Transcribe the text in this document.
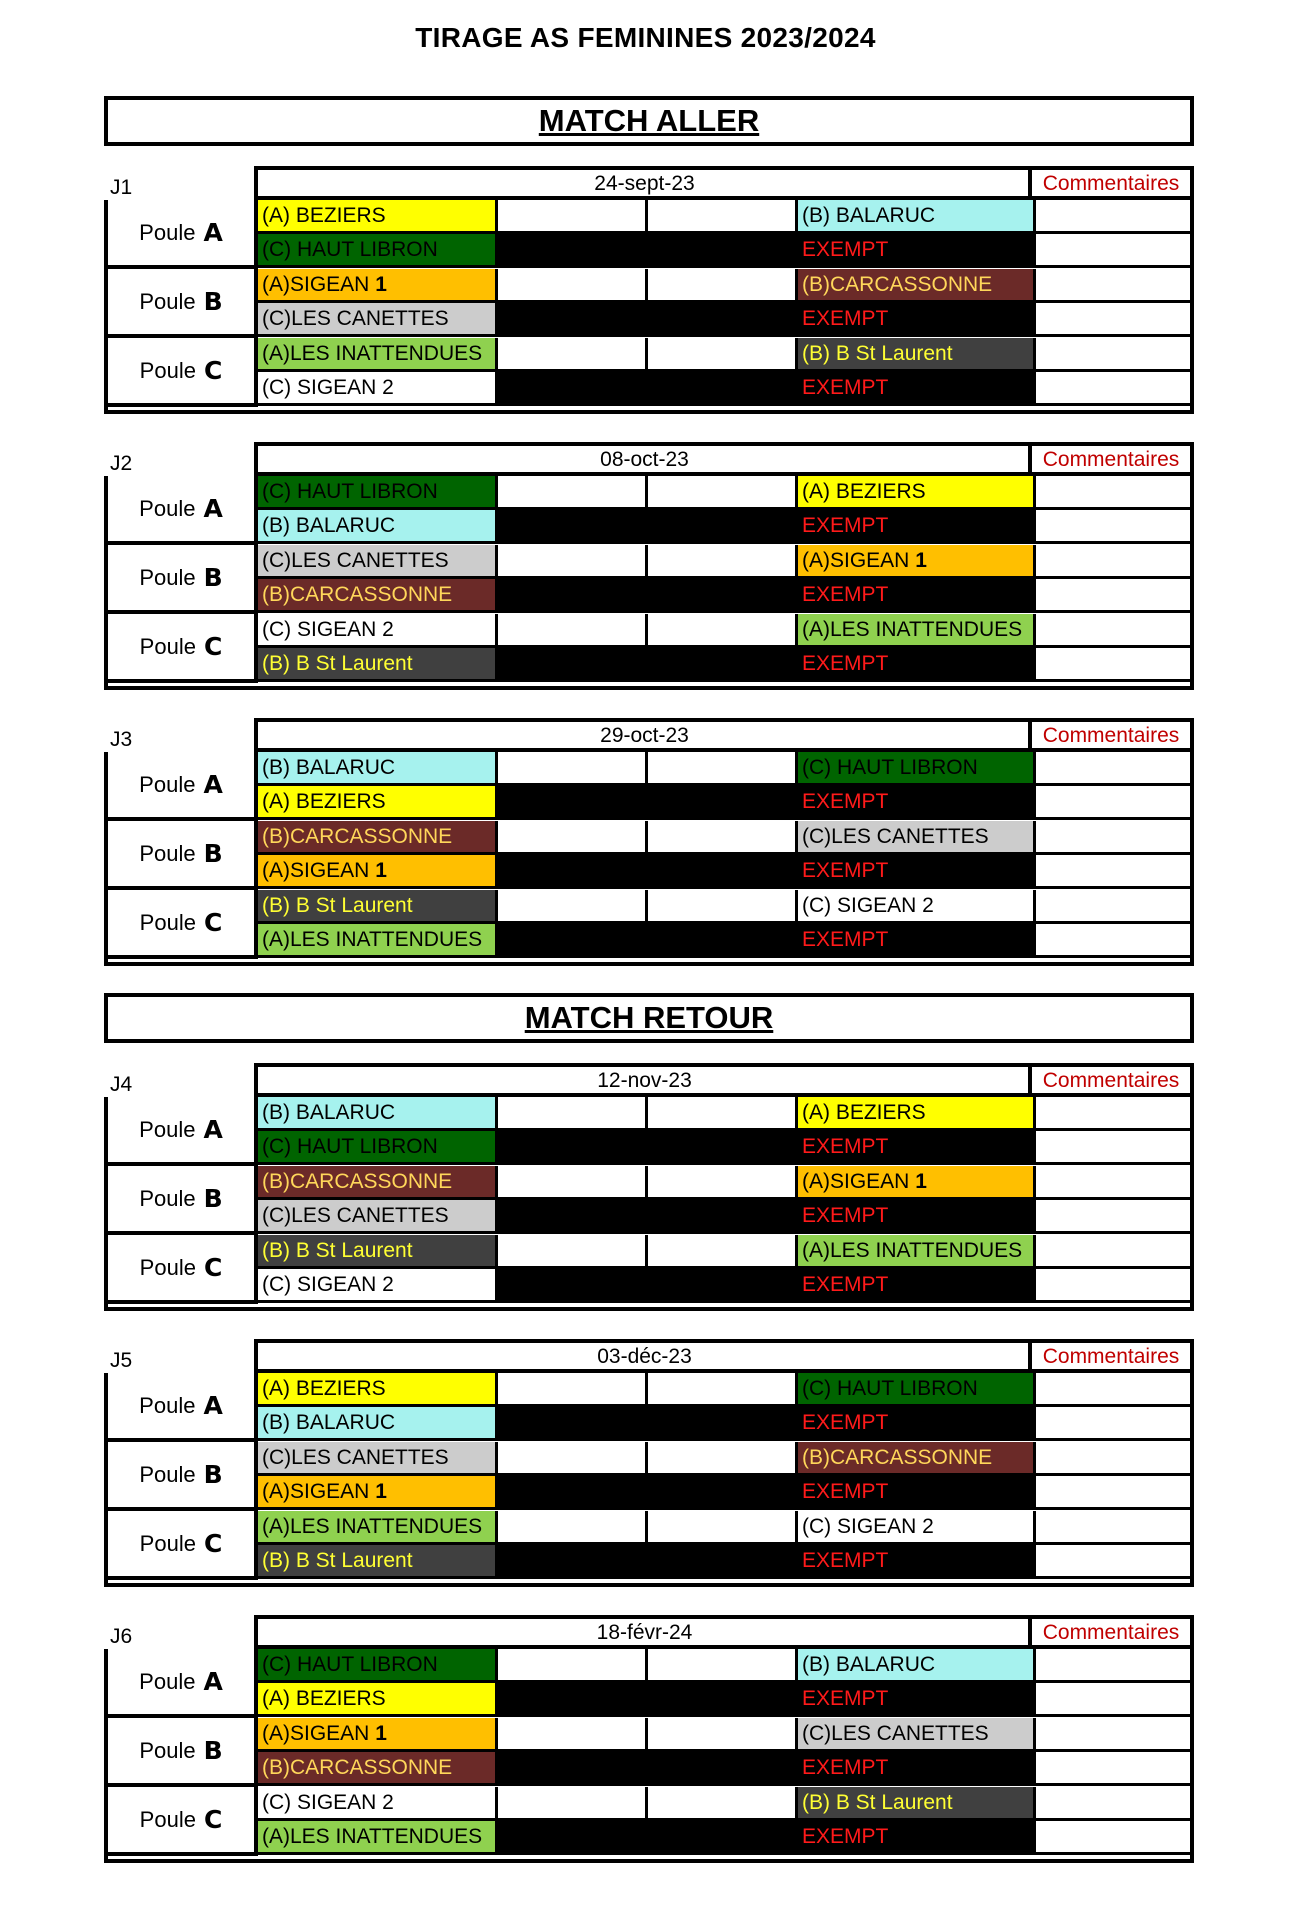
TIRAGE AS FEMININES 2023/2024
MATCH ALLER
MATCH RETOUR
J1	24-sept-23	Commentaires
Poule A
(A) BEZIERS	(B) BALARUC
(C) HAUT LIBRON	EXEMPT
Poule B
(A)SIGEAN 1	(B)CARCASSONNE
(C)LES CANETTES	EXEMPT
Poule C
(A)LES INATTENDUES	(B) B St Laurent
(C) SIGEAN 2	EXEMPT
J2	08-oct-23	Commentaires
Poule A
(C) HAUT LIBRON	(A) BEZIERS
(B) BALARUC	EXEMPT
Poule B
(C)LES CANETTES	(A)SIGEAN 1
(B)CARCASSONNE	EXEMPT
Poule C
(C) SIGEAN 2	(A)LES INATTENDUES
(B) B St Laurent	EXEMPT
J3	29-oct-23	Commentaires
Poule A
(B) BALARUC	(C) HAUT LIBRON
(A) BEZIERS	EXEMPT
Poule B
(B)CARCASSONNE	(C)LES CANETTES
(A)SIGEAN 1	EXEMPT
Poule C
(B) B St Laurent	(C) SIGEAN 2
(A)LES INATTENDUES	EXEMPT
J4	12-nov-23	Commentaires
Poule A
(B) BALARUC	(A) BEZIERS
(C) HAUT LIBRON	EXEMPT
Poule B
(B)CARCASSONNE	(A)SIGEAN 1
(C)LES CANETTES	EXEMPT
Poule C
(B) B St Laurent	(A)LES INATTENDUES
(C) SIGEAN 2	EXEMPT
J5	03-déc-23	Commentaires
Poule A
(A) BEZIERS	(C) HAUT LIBRON
(B) BALARUC	EXEMPT
Poule B
(C)LES CANETTES	(B)CARCASSONNE
(A)SIGEAN 1	EXEMPT
Poule C
(A)LES INATTENDUES	(C) SIGEAN 2
(B) B St Laurent	EXEMPT
J6	18-févr-24	Commentaires
Poule A
(C) HAUT LIBRON	(B) BALARUC
(A) BEZIERS	EXEMPT
Poule B
(A)SIGEAN 1	(C)LES CANETTES
(B)CARCASSONNE	EXEMPT
Poule C
(C) SIGEAN 2	(B) B St Laurent
(A)LES INATTENDUES	EXEMPT
